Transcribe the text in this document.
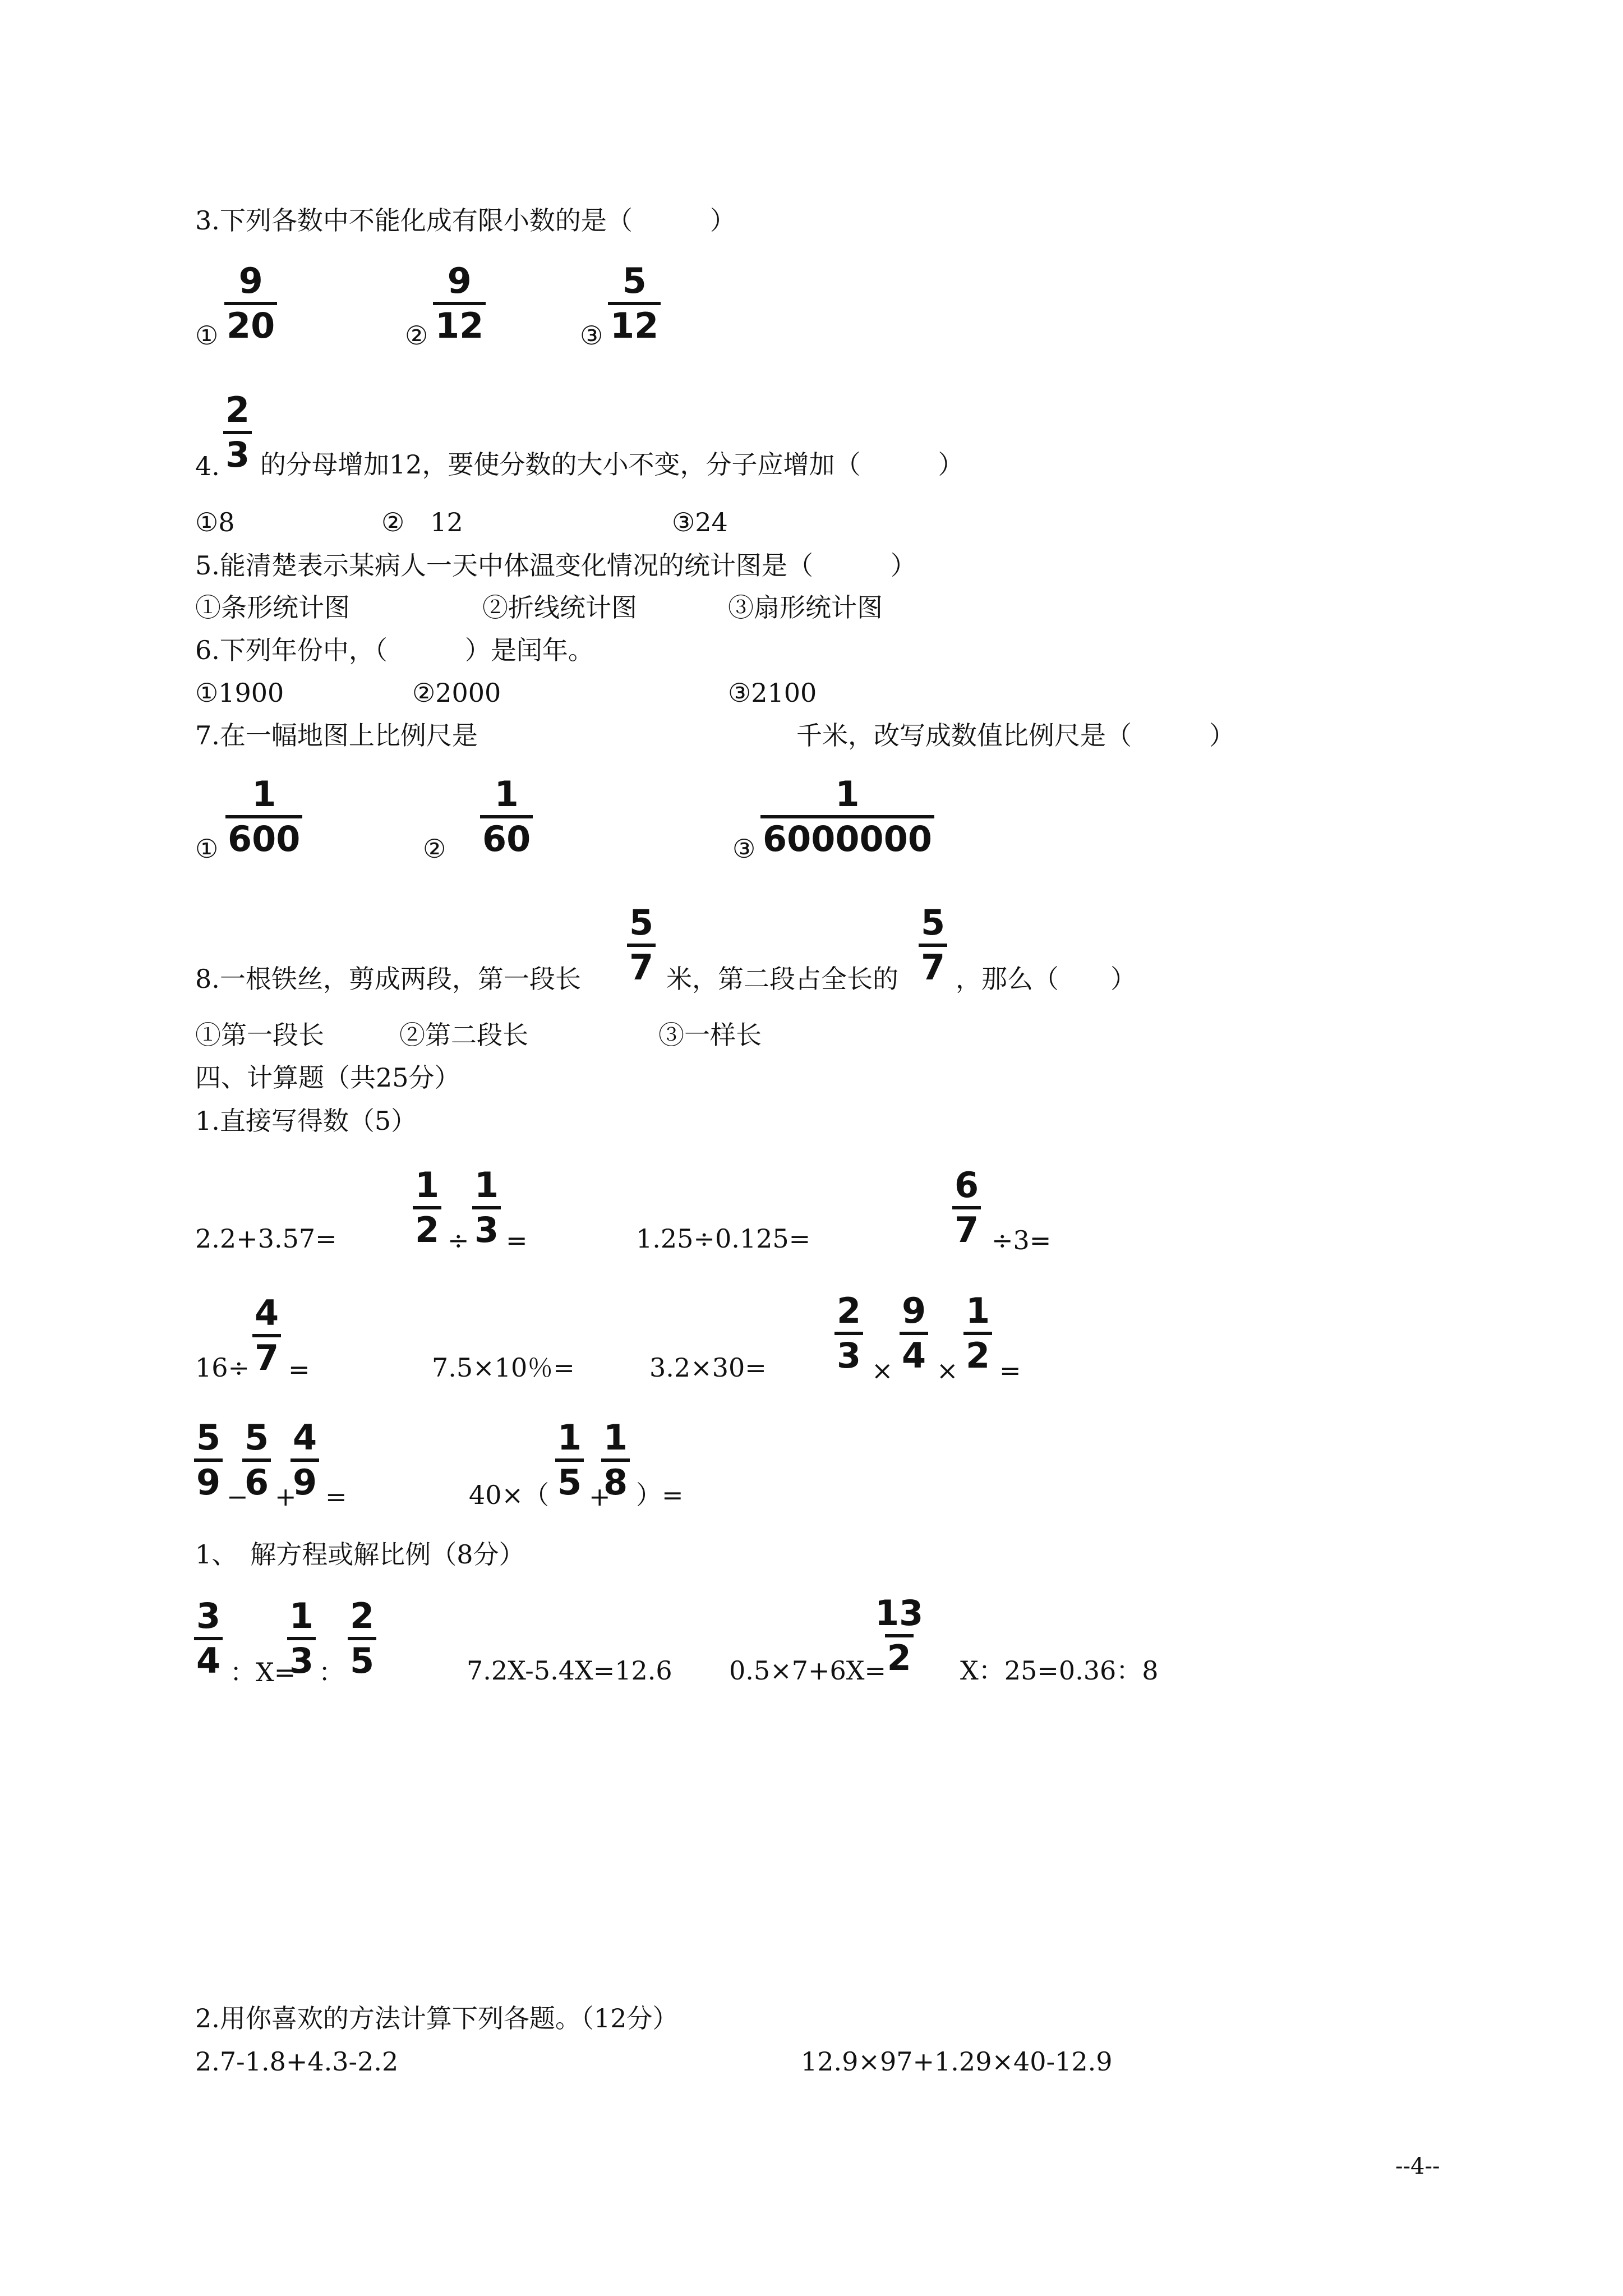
3.下列各数中不能化成有限小数的是（　　　）
① $\frac{9}{20}$	② $\frac{9}{12}$	③ $\frac{5}{12}$
4. $\frac{2}{3}$ 的分母增加12，要使分数的大小不变，分子应增加（　　　）
①8	②　12	③24
5.能清楚表示某病人一天中体温变化情况的统计图是（　　　）
①条形统计图	②折线统计图	③扇形统计图
6.下列年份中，（　　　）是闰年。
①1900	②2000	③2100
7.在一幅地图上比例尺是	千米，改写成数值比例尺是（　　　）
① $\frac{1}{600}$	② $\frac{1}{60}$	③ $\frac{1}{6000000}$
8.一根铁丝，剪成两段，第一段长 $\frac{5}{7}$ 米，第二段占全长的 $\frac{5}{7}$ ，那么（　　）
①第一段长	②第二段长	③一样长
四、计算题（共25分）
1.直接写得数（5）
$2.2+3.57= \frac{1}{2} \div \frac{1}{3}$ =	1.25÷0.125=	$\frac{6}{7} \div 3=$
$16\div \frac{4}{7}$ =	7.5×10％=	$3.2\times 30= \frac{2}{3} \times \frac{9}{4} \times \frac{1}{2}$ =
$\frac{5}{9}$ −
$\frac{5}{6}$ +
$\frac{4}{9}$ =	$40\times( \frac{1}{5}$ +
$\frac{1}{8}$ ）=
1、　解方程或解比例（8分）
$\frac{3}{4}$ ：X=
$\frac{1}{3}$ ： $\frac{2}{5}$	7.2X-5.4X=12.6 0.5×7+6X=
$\frac{13}{2}$ X：25=0.36：8
2.用你喜欢的方法计算下列各题。（12分）
2.7-1.8+4.3-2.2	12.9×97+1.29×40-12.9
--4--
